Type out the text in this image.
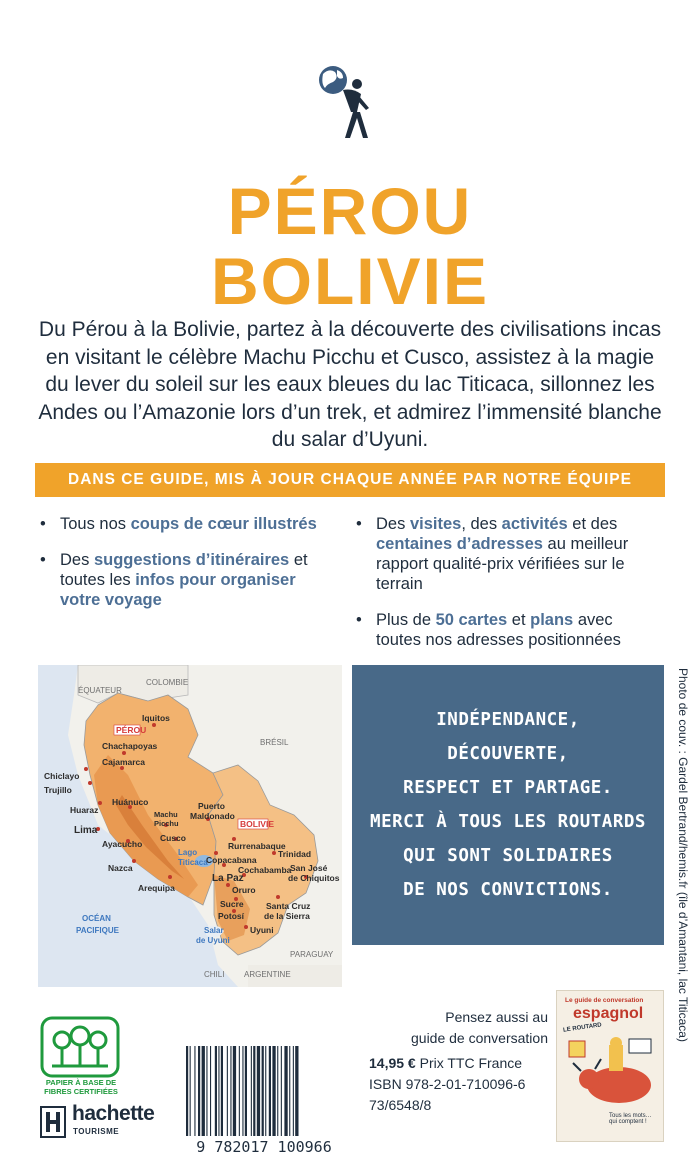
PÉROU
BOLIVIE

Du Pérou à la Bolivie, partez à la découverte des civilisations incas en visitant le célèbre Machu Picchu et Cusco, assistez à la magie du lever du soleil sur les eaux bleues du lac Titicaca, sillonnez les Andes ou l’Amazonie lors d’un trek, et admirez l’immensité blanche du salar d’Uyuni.

DANS CE GUIDE, MIS À JOUR CHAQUE ANNÉE PAR NOTRE ÉQUIPE
• Tous nos coups de cœur illustrés
• Des suggestions d’itinéraires et toutes les infos pour organiser votre voyage
• Des visites, des activités et des centaines d’adresses au meilleur rapport qualité-prix vérifiées sur le terrain
• Plus de 50 cartes et plans avec toutes nos adresses positionnées
COLOMBIE
ÉQUATEUR
BRÉSIL
CHILI ARGENTINE
PARAGUAY
OCÉAN
PACIFIQUE
PÉROU
BOLIVIE
Lago
Titicaca
Salar
de Uyuni
Iquitos
Chachapoyas
Cajamarca
Chiclayo
Trujillo
Huaraz
Huánuco
Lima
Ayacucho
Nazca
Arequipa
Machu
Picchu
Cusco
Puerto
Maldonado
Rurrenabaque
Trinidad
Copacabana
La Paz
Cochabamba
Oruro
Sucre
Potosí
Uyuni
San José
de Chiquitos
Santa Cruz
de la Sierra
INDÉPENDANCE,
DÉCOUVERTE,
RESPECT ET PARTAGE.
MERCI À TOUS LES ROUTARDS
QUI SONT SOLIDAIRES
DE NOS CONVICTIONS.	Photo de couv. : Gardel Bertrand/hemis.fr (île d’Amantani, lac Titicaca)
Pensez aussi au
guide de conversation
Le guide de conversation
espagnol
LE ROUTARD
Tous les mots… qui comptent !
PAPIER À BASE DE
FIBRES CERTIFIÉES
hachette
TOURISME
9 782017 100966
14,95 € Prix TTC France
ISBN 978-2-01-710096-6
73/6548/8
